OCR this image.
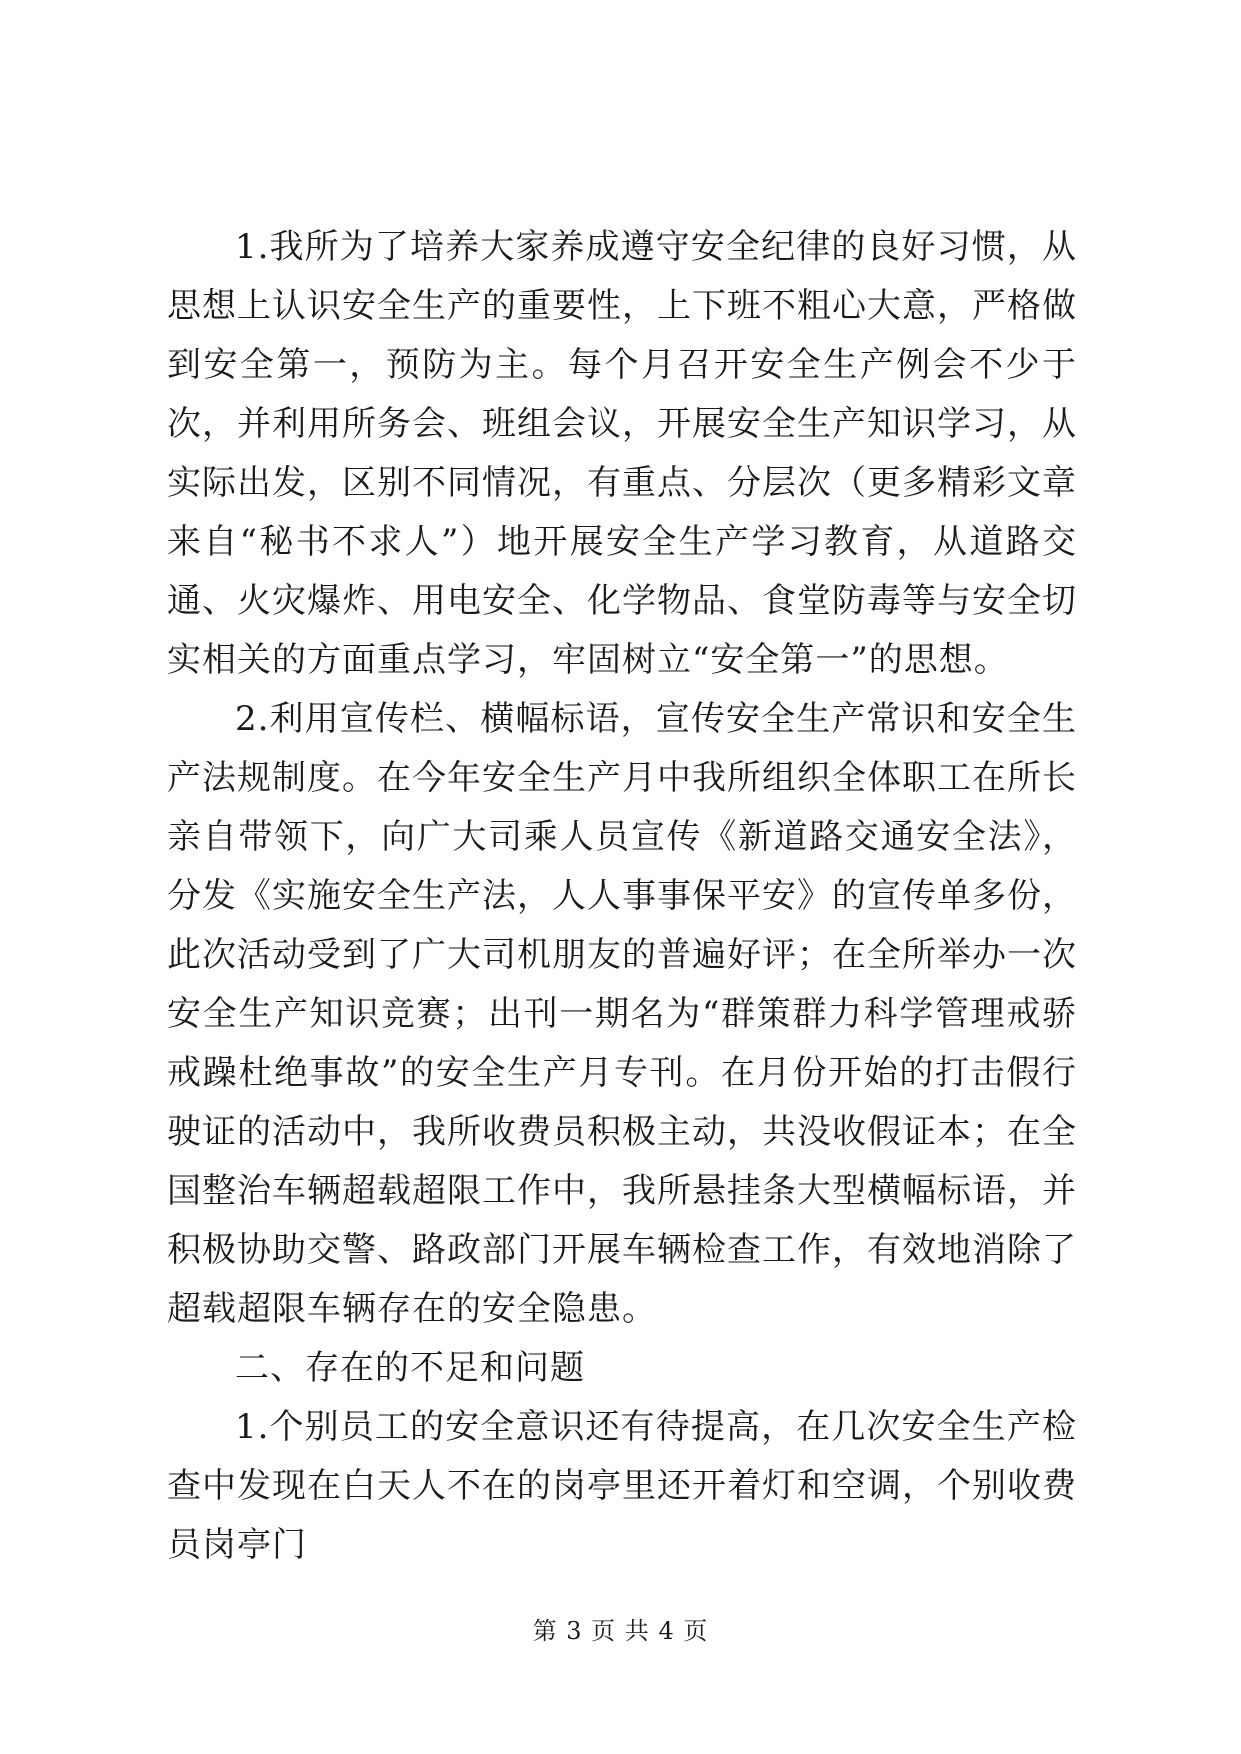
1.我所为了培养大家养成遵守安全纪律的良好习惯，从思想上认识安全生产的重要性，上下班不粗心大意，严格做到安全第一，预防为主。每个月召开安全生产例会不少于次，并利用所务会、班组会议，开展安全生产知识学习，从实际出发，区别不同情况，有重点、分层次（更多精彩文章来自“秘书不求人”）地开展安全生产学习教育，从道路交通、火灾爆炸、用电安全、化学物品、食堂防毒等与安全切实相关的方面重点学习，牢固树立“安全第一”的思想。

2.利用宣传栏、横幅标语，宣传安全生产常识和安全生产法规制度。在今年安全生产月中我所组织全体职工在所长亲自带领下，向广大司乘人员宣传《新道路交通安全法》，分发《实施安全生产法，人人事事保平安》的宣传单多份，此次活动受到了广大司机朋友的普遍好评；在全所举办一次安全生产知识竞赛；出刊一期名为“群策群力科学管理戒骄戒躁杜绝事故”的安全生产月专刊。在月份开始的打击假行驶证的活动中，我所收费员积极主动，共没收假证本；在全国整治车辆超载超限工作中，我所悬挂条大型横幅标语，并积极协助交警、路政部门开展车辆检查工作，有效地消除了超载超限车辆存在的安全隐患。

二、存在的不足和问题

1.个别员工的安全意识还有待提高，在几次安全生产检查中发现在白天人不在的岗亭里还开着灯和空调，个别收费员岗亭门

第 3 页 共 4 页
